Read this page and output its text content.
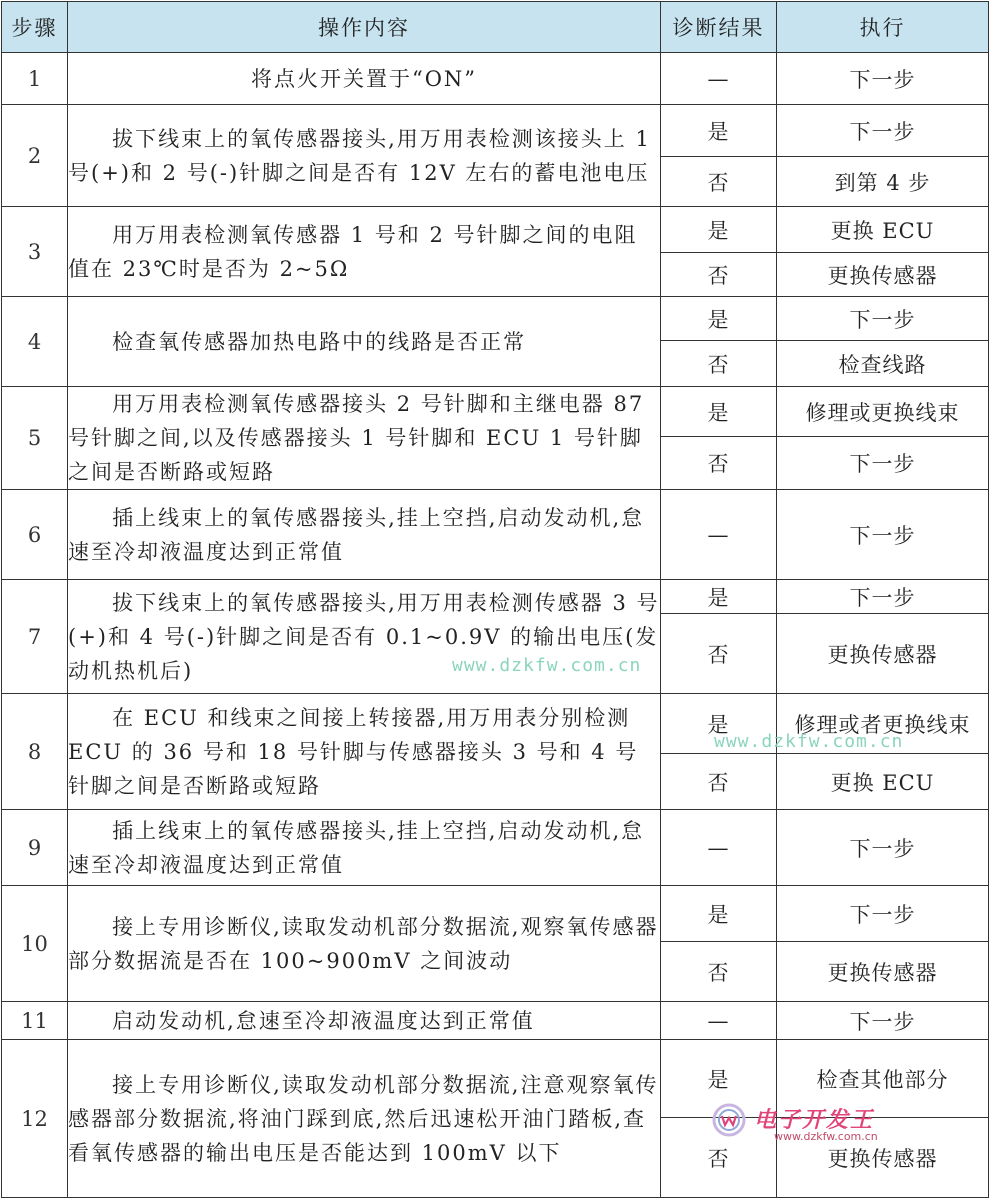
步骤	操作内容	诊断结果	执行
1	将点火开关置于“ON”	—	下一步
2	拔下线束上的氧传感器接头,用万用表检测该接头上 1 号(+)和 2 号(-)针脚之间是否有 12V 左右的蓄电池电压	是	下一步
		否	到第 4 步
3	用万用表检测氧传感器 1 号和 2 号针脚之间的电阻值在 23℃时是否为 2~5Ω	是	更换 ECU
		否	更换传感器
4	检查氧传感器加热电路中的线路是否正常	是	下一步
		否	检查线路
5	用万用表检测氧传感器接头 2 号针脚和主继电器 87 号针脚之间,以及传感器接头 1 号针脚和 ECU 1 号针脚之间是否断路或短路	是	修理或更换线束
		否	下一步
6	插上线束上的氧传感器接头,挂上空挡,启动发动机,怠速至冷却液温度达到正常值	—	下一步
7	拔下线束上的氧传感器接头,用万用表检测传感器 3 号(+)和 4 号(-)针脚之间是否有 0.1~0.9V 的输出电压(发动机热机后)	是	下一步
		否	更换传感器
8	在 ECU 和线束之间接上转接器,用万用表分别检测 ECU 的 36 号和 18 号针脚与传感器接头 3 号和 4 号针脚之间是否断路或短路	是	修理或者更换线束
		否	更换 ECU
9	插上线束上的氧传感器接头,挂上空挡,启动发动机,怠速至冷却液温度达到正常值	—	下一步
10	接上专用诊断仪,读取发动机部分数据流,观察氧传感器部分数据流是否在 100~900mV 之间波动	是	下一步
		否	更换传感器
11	启动发动机,怠速至冷却液温度达到正常值	—	下一步
12	接上专用诊断仪,读取发动机部分数据流,注意观察氧传感器部分数据流,将油门踩到底,然后迅速松开油门踏板,查看氧传感器的输出电压是否能达到 100mV 以下	是	检查其他部分
		否	更换传感器
www.dzkfw.com.cn
www.dzkfw.com.cn
电子开发王
www.dzkfw.com.cn
